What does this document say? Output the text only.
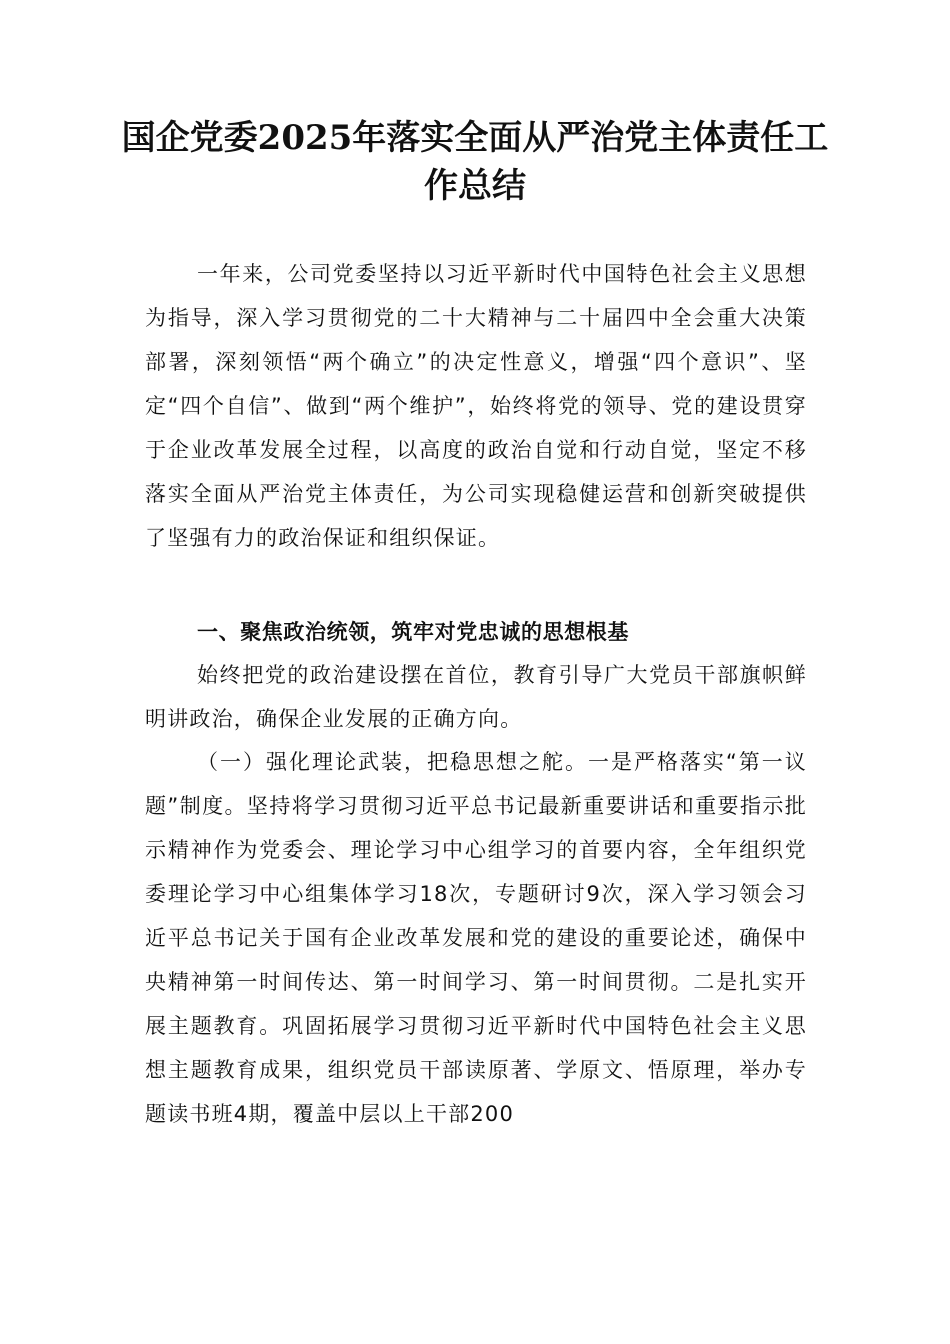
国企党委2025年落实全面从严治党主体责任工作总结

一年来，公司党委坚持以习近平新时代中国特色社会主义思想为指导，深入学习贯彻党的二十大精神与二十届四中全会重大决策部署，深刻领悟“两个确立”的决定性意义，增强“四个意识”、坚定“四个自信”、做到“两个维护”，始终将党的领导、党的建设贯穿于企业改革发展全过程，以高度的政治自觉和行动自觉，坚定不移落实全面从严治党主体责任，为公司实现稳健运营和创新突破提供了坚强有力的政治保证和组织保证。

一、聚焦政治统领，筑牢对党忠诚的思想根基

始终把党的政治建设摆在首位，教育引导广大党员干部旗帜鲜明讲政治，确保企业发展的正确方向。

（一）强化理论武装，把稳思想之舵。一是严格落实“第一议题”制度。坚持将学习贯彻习近平总书记最新重要讲话和重要指示批示精神作为党委会、理论学习中心组学习的首要内容，全年组织党委理论学习中心组集体学习18次，专题研讨9次，深入学习领会习近平总书记关于国有企业改革发展和党的建设的重要论述，确保中央精神第一时间传达、第一时间学习、第一时间贯彻。二是扎实开展主题教育。巩固拓展学习贯彻习近平新时代中国特色社会主义思想主题教育成果，组织党员干部读原著、学原文、悟原理，举办专题读书班4期，覆盖中层以上干部200
